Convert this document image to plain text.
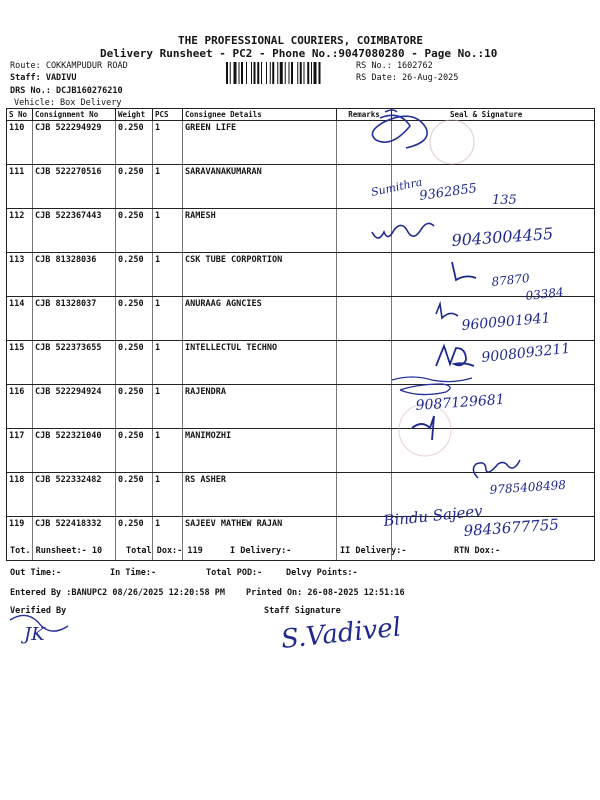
THE PROFESSIONAL COURIERS, COIMBATORE
Delivery Runsheet - PC2 - Phone No.:9047080280 - Page No.:10
Route: COKKAMPUDUR ROAD
Staff: VADIVU
DRS No.: DCJB160276210
Vehicle: Box Delivery
RS No.: 1602762
RS Date: 26-Aug-2025
S No	Consignment No	Weight	PCS	Consignee Details	Remarks	Seal & Signature
110	CJB 522294929	0.250	1	GREEN LIFE		
111	CJB 522270516	0.250	1	SARAVANAKUMARAN		
112	CJB 522367443	0.250	1	RAMESH		
113	CJB 81328036	0.250	1	CSK TUBE CORPORTION		
114	CJB 81328037	0.250	1	ANURAAG AGNCIES		
115	CJB 522373655	0.250	1	INTELLECTUL TECHNO		
116	CJB 522294924	0.250	1	RAJENDRA		
117	CJB 522321040	0.250	1	MANIMOZHI		
118	CJB 522332482	0.250	1	RS ASHER		
119	CJB 522418332	0.250	1	SAJEEV MATHEW RAJAN		
Sumithra
9362855 135
9043004455
87870
03384
9600901941
9008093211
9087129681
9785408498
Bindu Sajeev
9843677755
S.Vadivel
JK
Tot. Runsheet:- 10	Total Dox:- 119	I Delivery:-	II Delivery:-	RTN Dox:-
Out Time:-	In Time:-	Total POD:-	Delvy Points:-
Entered By :BANUPC2 08/26/2025 12:20:58 PM Printed On: 26-08-2025 12:51:16
Verified By	Staff Signature
